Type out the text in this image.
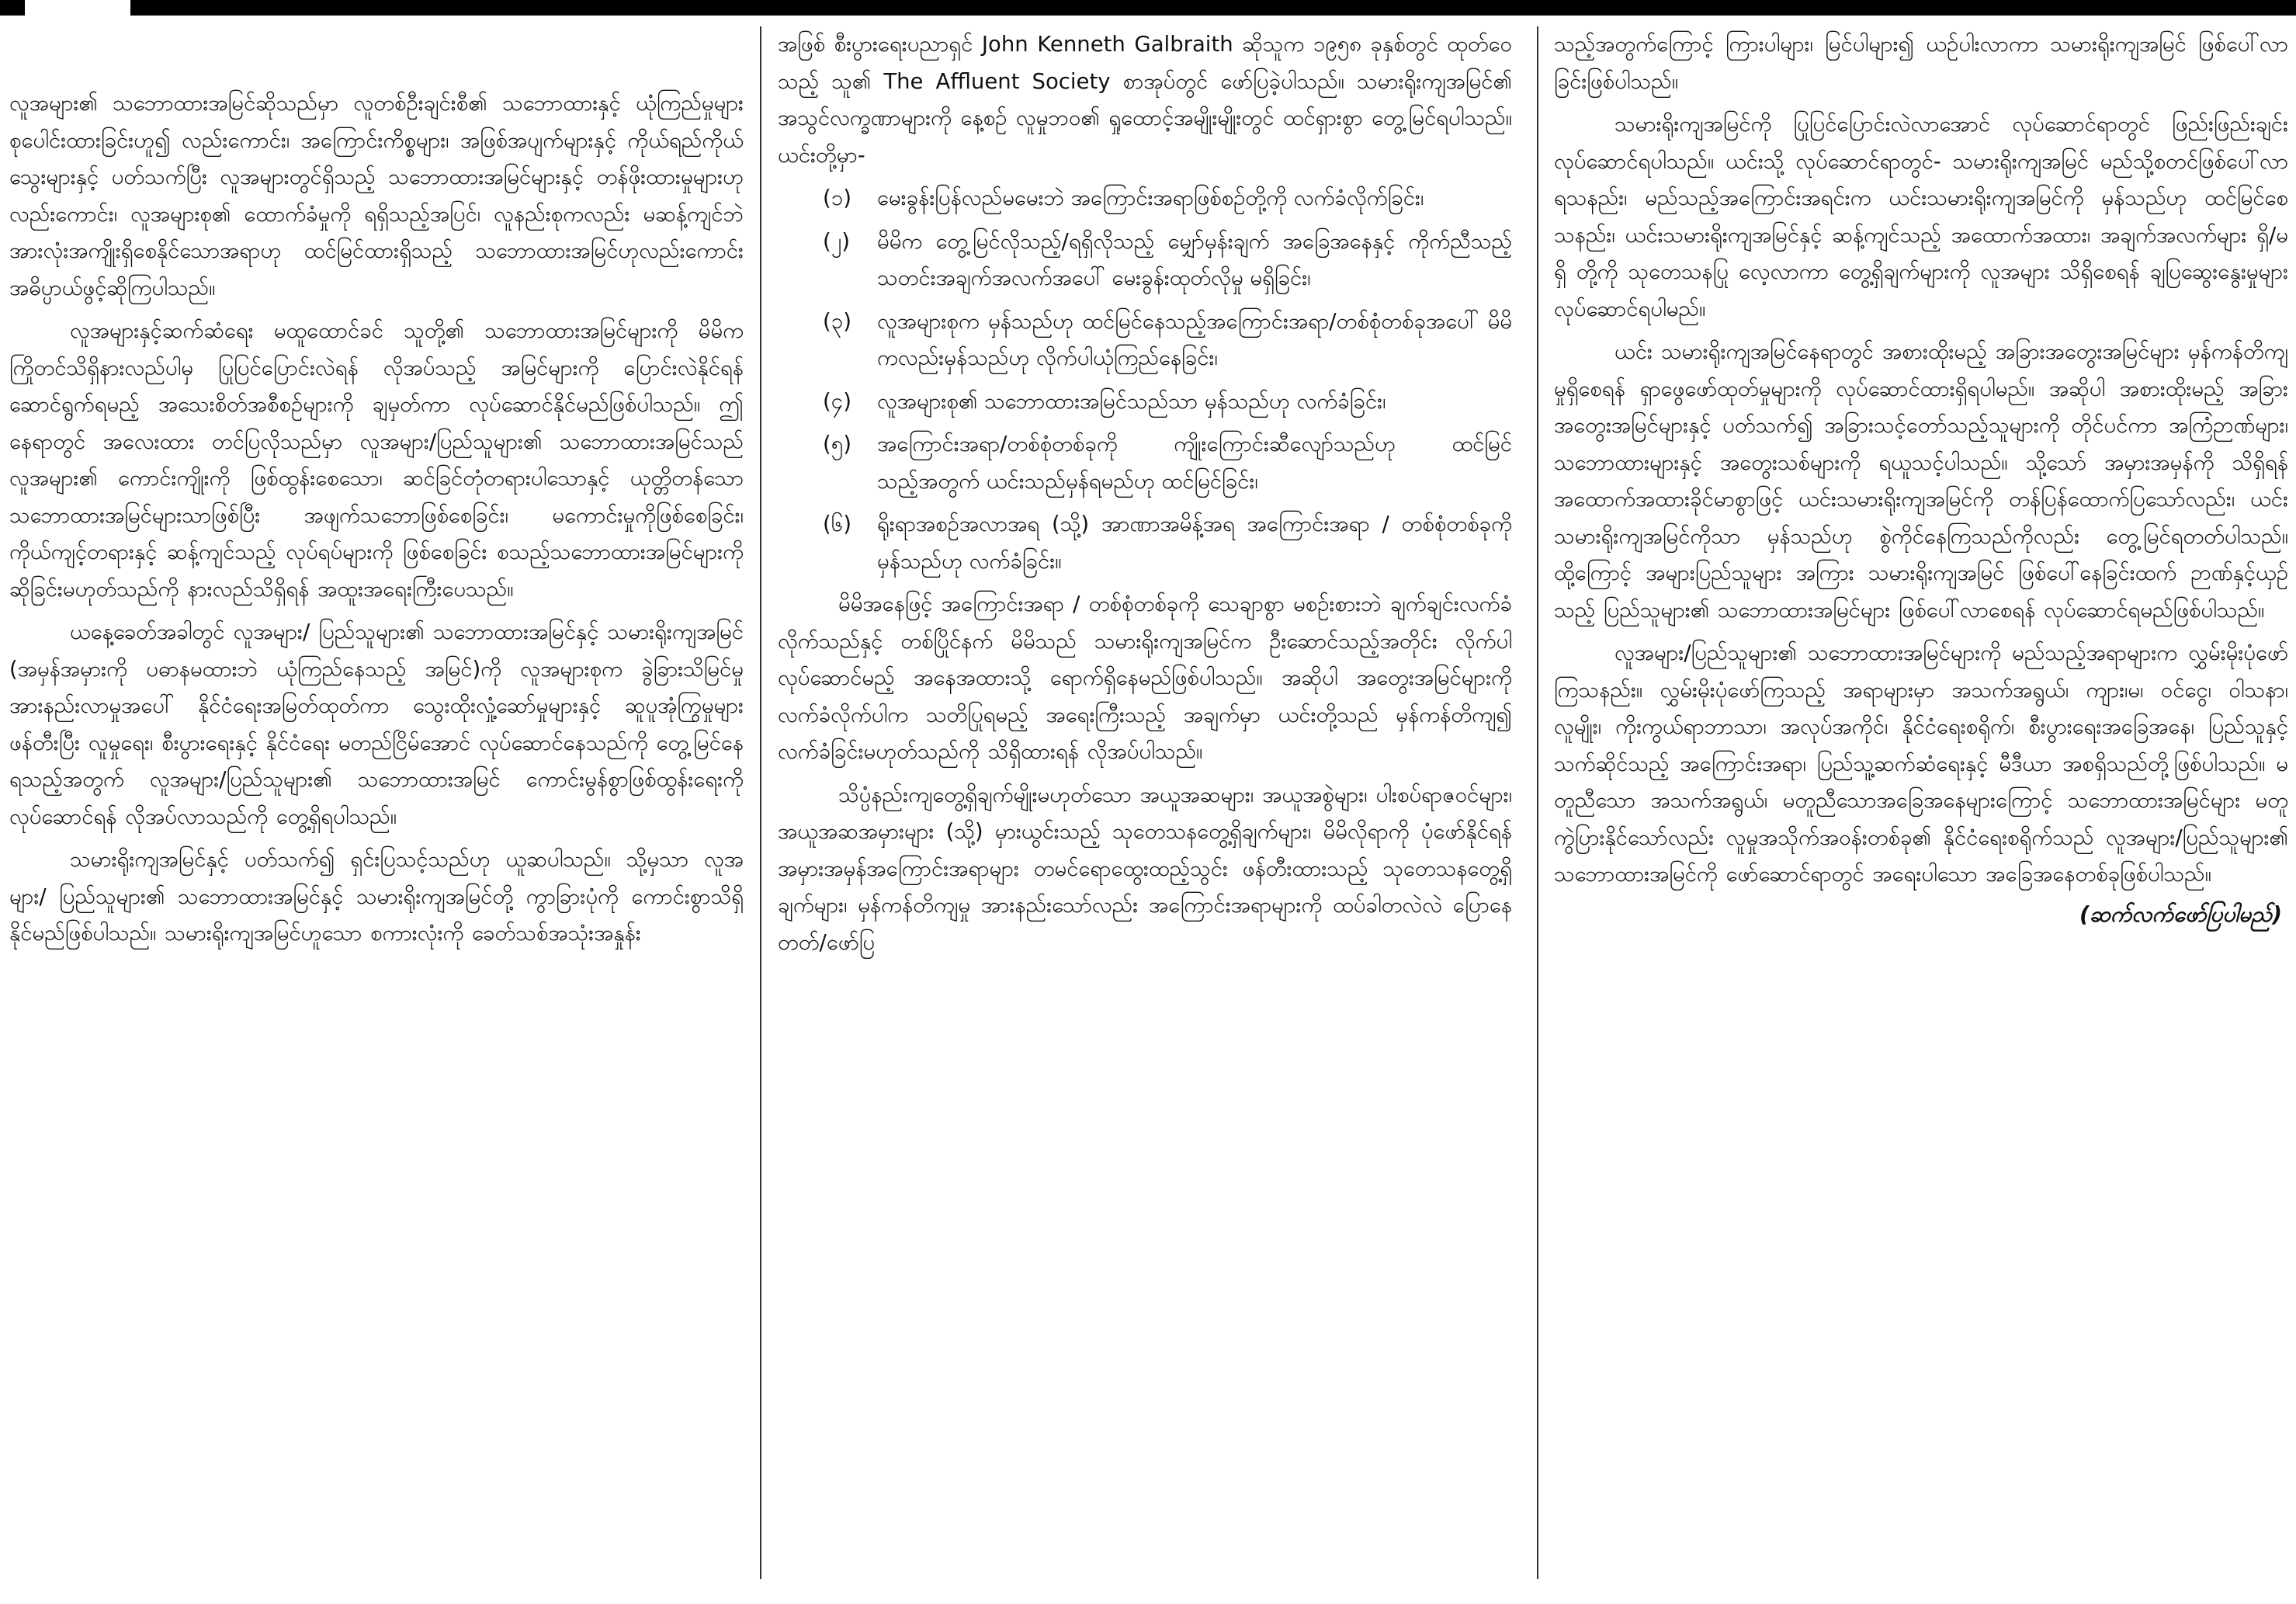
လူအများ၏ သဘောထားအမြင်ဆိုသည်မှာ လူတစ်ဦးချင်းစီ၏ သဘောထားနှင့် ယုံကြည်မှုများ စုပေါင်းထားခြင်းဟူ၍ လည်းကောင်း၊ အကြောင်းကိစ္စများ၊ အဖြစ်အပျက်များနှင့် ကိုယ်ရည်ကိုယ်သွေးများနှင့် ပတ်သက်ပြီး လူအများတွင်ရှိသည့် သဘောထားအမြင်များနှင့် တန်ဖိုးထားမှုများဟုလည်းကောင်း၊ လူအများစု၏ ထောက်ခံမှုကို ရရှိသည့်အပြင်၊ လူနည်းစုကလည်း မဆန့်ကျင်ဘဲ အားလုံးအကျိုးရှိစေနိုင်သောအရာဟု ထင်မြင်ထားရှိသည့် သဘောထားအမြင်ဟုလည်းကောင်း အဓိပ္ပာယ်ဖွင့်ဆိုကြပါသည်။

လူအများနှင့်ဆက်ဆံရေး မထူထောင်ခင် သူတို့၏ သဘောထားအမြင်များကို မိမိက ကြိုတင်သိရှိနားလည်ပါမှ ပြုပြင်ပြောင်းလဲရန် လိုအပ်သည့် အမြင်များကို ပြောင်းလဲနိုင်ရန် ဆောင်ရွက်ရမည့် အသေးစိတ်အစီစဉ်များကို ချမှတ်ကာ လုပ်ဆောင်နိုင်မည်ဖြစ်ပါသည်။ ဤနေရာတွင် အလေးထား တင်ပြလိုသည်မှာ လူအများ/ပြည်သူများ၏ သဘောထားအမြင်သည် လူအများ၏ ကောင်းကျိုးကို ဖြစ်ထွန်းစေသော၊ ဆင်ခြင်တုံတရားပါသောနှင့် ယုတ္တိတန်သောသဘောထားအမြင်များသာဖြစ်ပြီး အဖျက်သဘောဖြစ်စေခြင်း၊ မကောင်းမှုကိုဖြစ်စေခြင်း၊ ကိုယ်ကျင့်တရားနှင့် ဆန့်ကျင်သည့် လုပ်ရပ်များကို ဖြစ်စေခြင်း စသည့်သဘောထားအမြင်များကို ဆိုခြင်းမဟုတ်သည်ကို နားလည်သိရှိရန် အထူးအရေးကြီးပေသည်။

ယနေ့ခေတ်အခါတွင် လူအများ/ ပြည်သူများ၏ သဘောထားအမြင်နှင့် သမားရိုးကျအမြင် (အမှန်အမှားကို ပဓာနမထားဘဲ ယုံကြည်နေသည့် အမြင်)ကို လူအများစုက ခွဲခြားသိမြင်မှု အားနည်းလာမှုအပေါ် နိုင်ငံရေးအမြတ်ထုတ်ကာ သွေးထိုးလှုံ့ဆော်မှုများနှင့် ဆူပူအုံကြွမှုများ ဖန်တီးပြီး လူမှုရေး၊ စီးပွားရေးနှင့် နိုင်ငံရေး မတည်ငြိမ်အောင် လုပ်ဆောင်နေသည်ကို တွေ့မြင်နေရသည့်အတွက် လူအများ/ပြည်သူများ၏ သဘောထားအမြင် ကောင်းမွန်စွာဖြစ်ထွန်းရေးကို လုပ်ဆောင်ရန် လိုအပ်လာသည်ကို တွေ့ရှိရပါသည်။

သမားရိုးကျအမြင်နှင့် ပတ်သက်၍ ရှင်းပြသင့်သည်ဟု ယူဆပါသည်။ သို့မှသာ လူအများ/ ပြည်သူများ၏ သဘောထားအမြင်နှင့် သမားရိုးကျအမြင်တို့ ကွာခြားပုံကို ကောင်းစွာသိရှိနိုင်မည်ဖြစ်ပါသည်။ သမားရိုးကျအမြင်ဟူသော စကားလုံးကို ခေတ်သစ်အသုံးအနှုန်း

အဖြစ် စီးပွားရေးပညာရှင် John Kenneth Galbraith ဆိုသူက ၁၉၅၈ ခုနှစ်တွင် ထုတ်ဝေသည့် သူ၏ The Affluent Society စာအုပ်တွင် ဖော်ပြခဲ့ပါသည်။ သမားရိုးကျအမြင်၏ အသွင်လက္ခဏာများကို နေ့စဉ် လူမှုဘဝ၏ ရှုထောင့်အမျိုးမျိုးတွင် ထင်ရှားစွာ တွေ့မြင်ရပါသည်။ ယင်းတို့မှာ-

(၁)	မေးခွန်းပြန်လည်မမေးဘဲ အကြောင်းအရာဖြစ်စဉ်တို့ကို လက်ခံလိုက်ခြင်း၊
(၂)	မိမိက တွေ့မြင်လိုသည့်/ရရှိလိုသည့် မျှော်မှန်းချက် အခြေအနေနှင့် ကိုက်ညီသည့် သတင်းအချက်အလက်အပေါ် မေးခွန်းထုတ်လိုမှု မရှိခြင်း၊
(၃)	လူအများစုက မှန်သည်ဟု ထင်မြင်နေသည့်အကြောင်းအရာ/တစ်စုံတစ်ခုအပေါ် မိမိကလည်းမှန်သည်ဟု လိုက်ပါယုံကြည်နေခြင်း၊
(၄)	လူအများစု၏ သဘောထားအမြင်သည်သာ မှန်သည်ဟု လက်ခံခြင်း၊
(၅)	အကြောင်းအရာ/တစ်စုံတစ်ခုကို ကျိုးကြောင်းဆီလျော်သည်ဟု ထင်မြင်သည့်အတွက် ယင်းသည်မှန်ရမည်ဟု ထင်မြင်ခြင်း၊
(၆)	ရိုးရာအစဉ်အလာအရ (သို့) အာဏာအမိန့်အရ အကြောင်းအရာ / တစ်စုံတစ်ခုကို မှန်သည်ဟု လက်ခံခြင်း။

မိမိအနေဖြင့် အကြောင်းအရာ / တစ်စုံတစ်ခုကို သေချာစွာ မစဉ်းစားဘဲ ချက်ချင်းလက်ခံလိုက်သည်နှင့် တစ်ပြိုင်နက် မိမိသည် သမားရိုးကျအမြင်က ဦးဆောင်သည့်အတိုင်း လိုက်ပါလုပ်ဆောင်မည့် အနေအထားသို့ ရောက်ရှိနေမည်ဖြစ်ပါသည်။ အဆိုပါ အတွေးအမြင်များကို လက်ခံလိုက်ပါက သတိပြုရမည့် အရေးကြီးသည့် အချက်မှာ ယင်းတို့သည် မှန်ကန်တိကျ၍ လက်ခံခြင်းမဟုတ်သည်ကို သိရှိထားရန် လိုအပ်ပါသည်။

သိပ္ပံနည်းကျတွေ့ရှိချက်မျိုးမဟုတ်သော အယူအဆများ၊ အယူအစွဲများ၊ ပါးစပ်ရာဇဝင်များ၊ အယူအဆအမှားများ (သို့) မှားယွင်းသည့် သုတေသနတွေ့ရှိချက်များ၊ မိမိလိုရာကို ပုံဖော်နိုင်ရန် အမှားအမှန်အကြောင်းအရာများ တမင်ရောထွေးထည့်သွင်း ဖန်တီးထားသည့် သုတေသနတွေ့ရှိချက်များ၊ မှန်ကန်တိကျမှု အားနည်းသော်လည်း အကြောင်းအရာများကို ထပ်ခါတလဲလဲ ပြောနေတတ်/ဖော်ပြ

သည့်အတွက်ကြောင့် ကြားပါများ၊ မြင်ပါများ၍ ယဉ်ပါးလာကာ သမားရိုးကျအမြင် ဖြစ်ပေါ်လာခြင်းဖြစ်ပါသည်။

သမားရိုးကျအမြင်ကို ပြုပြင်ပြောင်းလဲလာအောင် လုပ်ဆောင်ရာတွင် ဖြည်းဖြည်းချင်း လုပ်ဆောင်ရပါသည်။ ယင်းသို့ လုပ်ဆောင်ရာတွင်- သမားရိုးကျအမြင် မည်သို့စတင်ဖြစ်ပေါ်လာရသနည်း၊ မည်သည့်အကြောင်းအရင်းက ယင်းသမားရိုးကျအမြင်ကို မှန်သည်ဟု ထင်မြင်စေသနည်း၊ ယင်းသမားရိုးကျအမြင်နှင့် ဆန့်ကျင်သည့် အထောက်အထား၊ အချက်အလက်များ ရှိ/မရှိ တို့ကို သုတေသနပြု လေ့လာကာ တွေ့ရှိချက်များကို လူအများ သိရှိစေရန် ချပြဆွေးနွေးမှုများ လုပ်ဆောင်ရပါမည်။

ယင်း သမားရိုးကျအမြင်နေရာတွင် အစားထိုးမည့် အခြားအတွေးအမြင်များ မှန်ကန်တိကျမှုရှိစေရန် ရှာဖွေဖော်ထုတ်မှုများကို လုပ်ဆောင်ထားရှိရပါမည်။ အဆိုပါ အစားထိုးမည့် အခြားအတွေးအမြင်များနှင့် ပတ်သက်၍ အခြားသင့်တော်သည့်သူများကို တိုင်ပင်ကာ အကြံဉာဏ်များ၊ သဘောထားများနှင့် အတွေးသစ်များကို ရယူသင့်ပါသည်။ သို့သော် အမှားအမှန်ကို သိရှိရန် အထောက်အထားခိုင်မာစွာဖြင့် ယင်းသမားရိုးကျအမြင်ကို တန်ပြန်ထောက်ပြသော်လည်း၊ ယင်းသမားရိုးကျအမြင်ကိုသာ မှန်သည်ဟု စွဲကိုင်နေကြသည်ကိုလည်း တွေ့မြင်ရတတ်ပါသည်။ ထို့ကြောင့် အများပြည်သူများ အကြား သမားရိုးကျအမြင် ဖြစ်ပေါ်နေခြင်းထက် ဉာဏ်နှင့်ယှဉ်သည့် ပြည်သူများ၏ သဘောထားအမြင်များ ဖြစ်ပေါ်လာစေရန် လုပ်ဆောင်ရမည်ဖြစ်ပါသည်။

လူအများ/ပြည်သူများ၏ သဘောထားအမြင်များကို မည်သည့်အရာများက လွှမ်းမိုးပုံဖော်ကြသနည်း။ လွှမ်းမိုးပုံဖော်ကြသည့် အရာများမှာ အသက်အရွယ်၊ ကျား၊မ၊ ဝင်ငွေ၊ ဝါသနာ၊ လူမျိုး၊ ကိုးကွယ်ရာဘာသာ၊ အလုပ်အကိုင်၊ နိုင်ငံရေးစရိုက်၊ စီးပွားရေးအခြေအနေ၊ ပြည်သူနှင့် သက်ဆိုင်သည့် အကြောင်းအရာ၊ ပြည်သူ့ဆက်ဆံရေးနှင့် မီဒီယာ အစရှိသည်တို့ဖြစ်ပါသည်။ မတူညီသော အသက်အရွယ်၊ မတူညီသောအခြေအနေများကြောင့် သဘောထားအမြင်များ မတူကွဲပြားနိုင်သော်လည်း လူမှုအသိုက်အဝန်းတစ်ခု၏ နိုင်ငံရေးစရိုက်သည် လူအများ/ပြည်သူများ၏ သဘောထားအမြင်ကို ဖော်ဆောင်ရာတွင် အရေးပါသော အခြေအနေတစ်ခုဖြစ်ပါသည်။

(ဆက်လက်ဖော်ပြပါမည်)
